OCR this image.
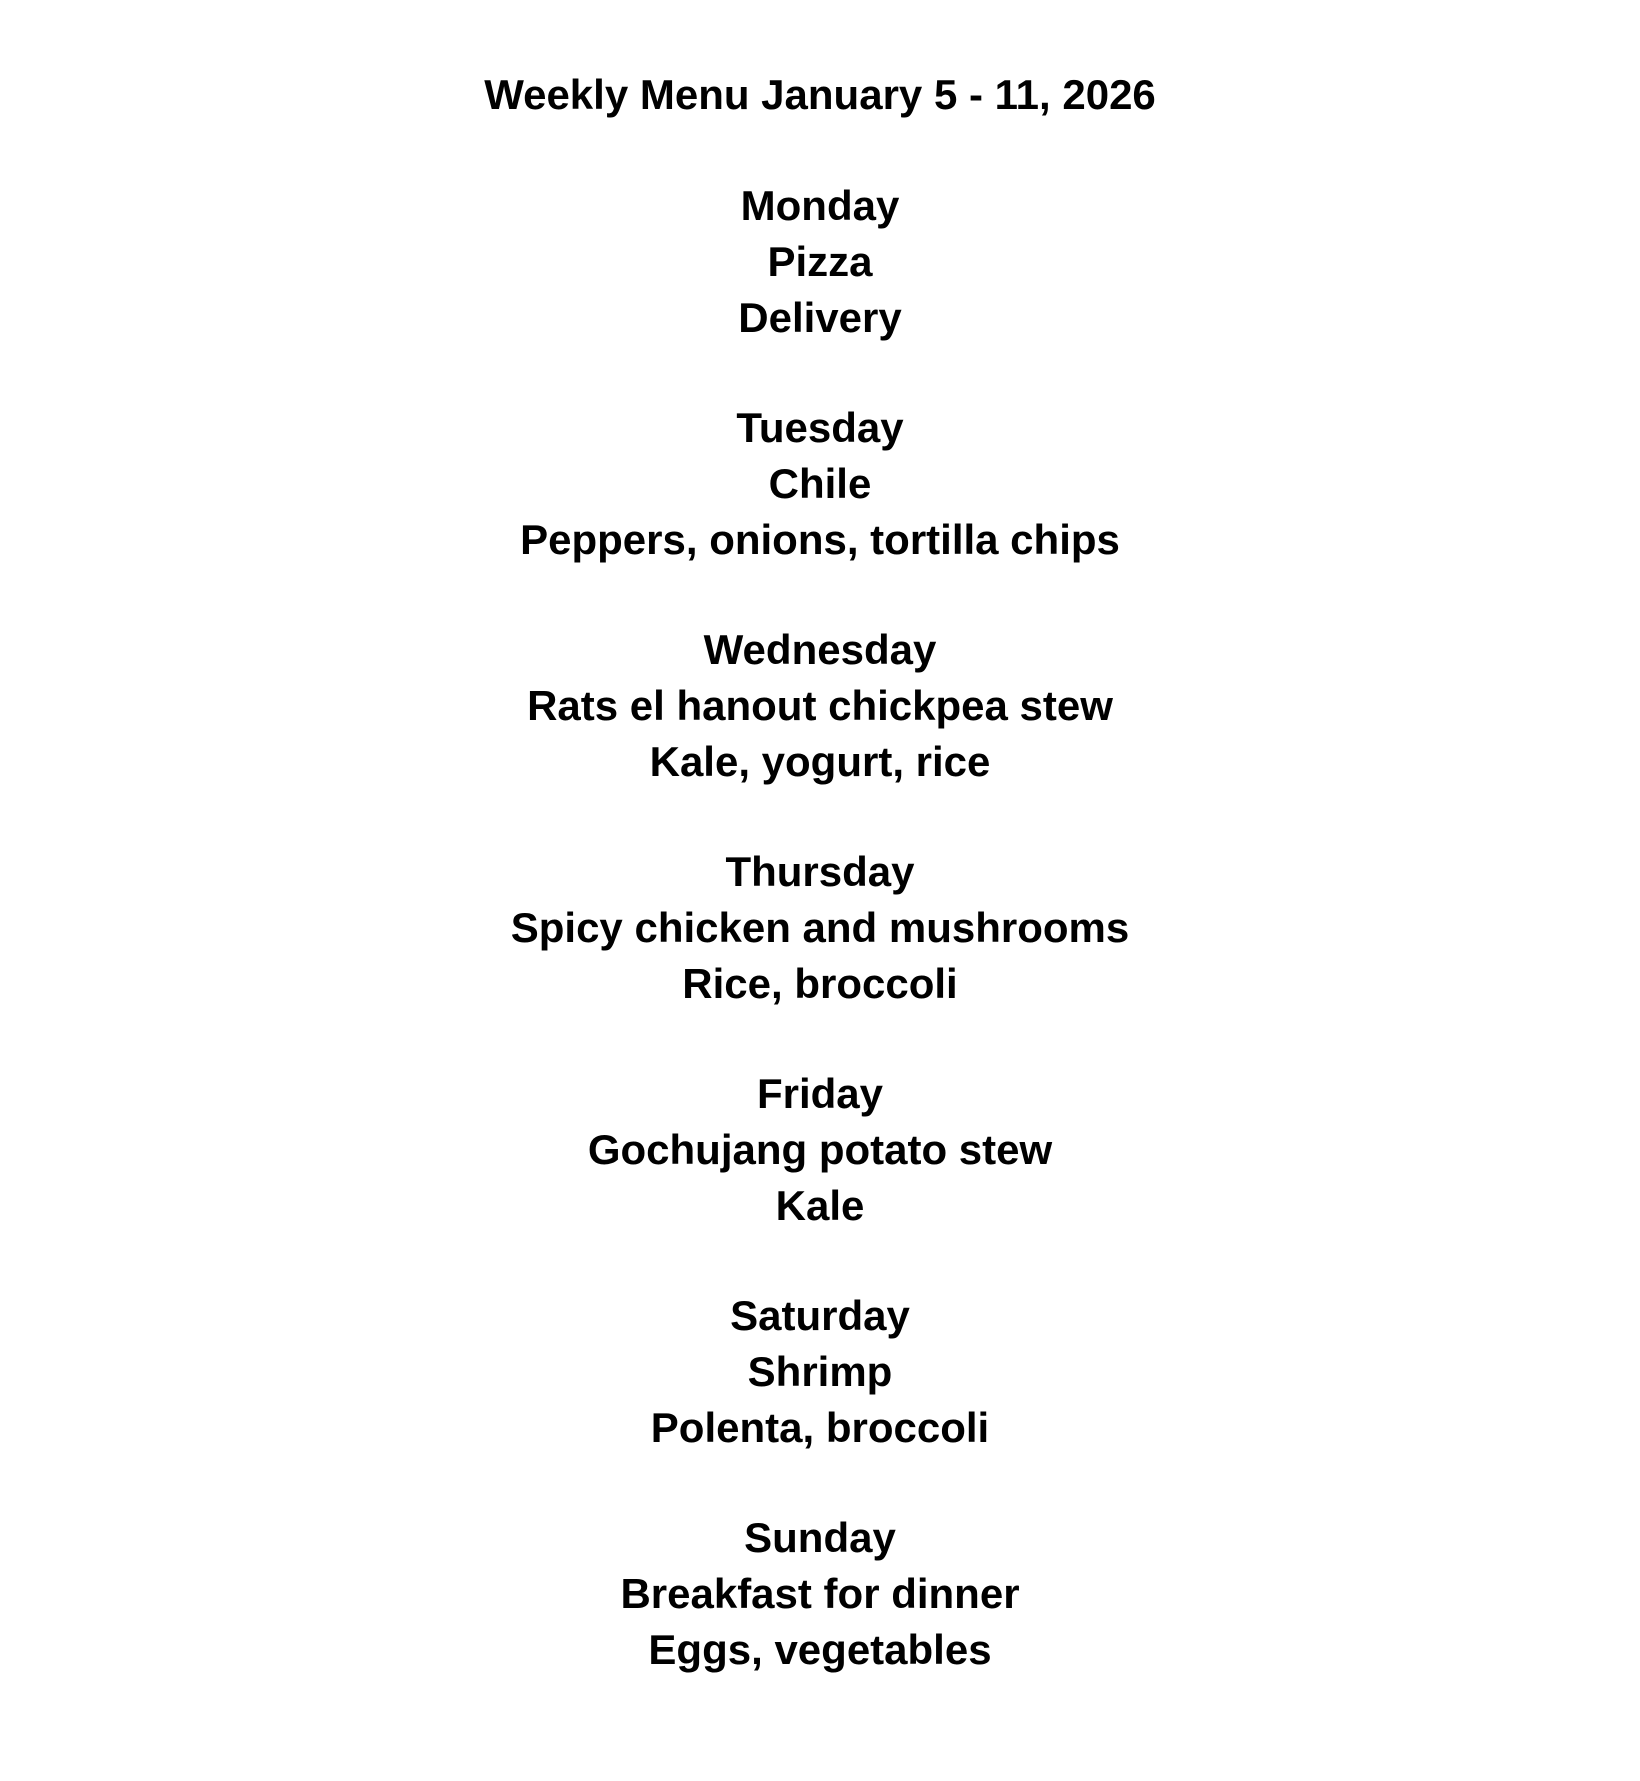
Weekly Menu January 5 - 11, 2026
Monday
Pizza
Delivery
Tuesday
Chile
Peppers, onions, tortilla chips
Wednesday
Rats el hanout chickpea stew
Kale, yogurt, rice
Thursday
Spicy chicken and mushrooms
Rice, broccoli
Friday
Gochujang potato stew
Kale
Saturday
Shrimp
Polenta, broccoli
Sunday
Breakfast for dinner
Eggs, vegetables
